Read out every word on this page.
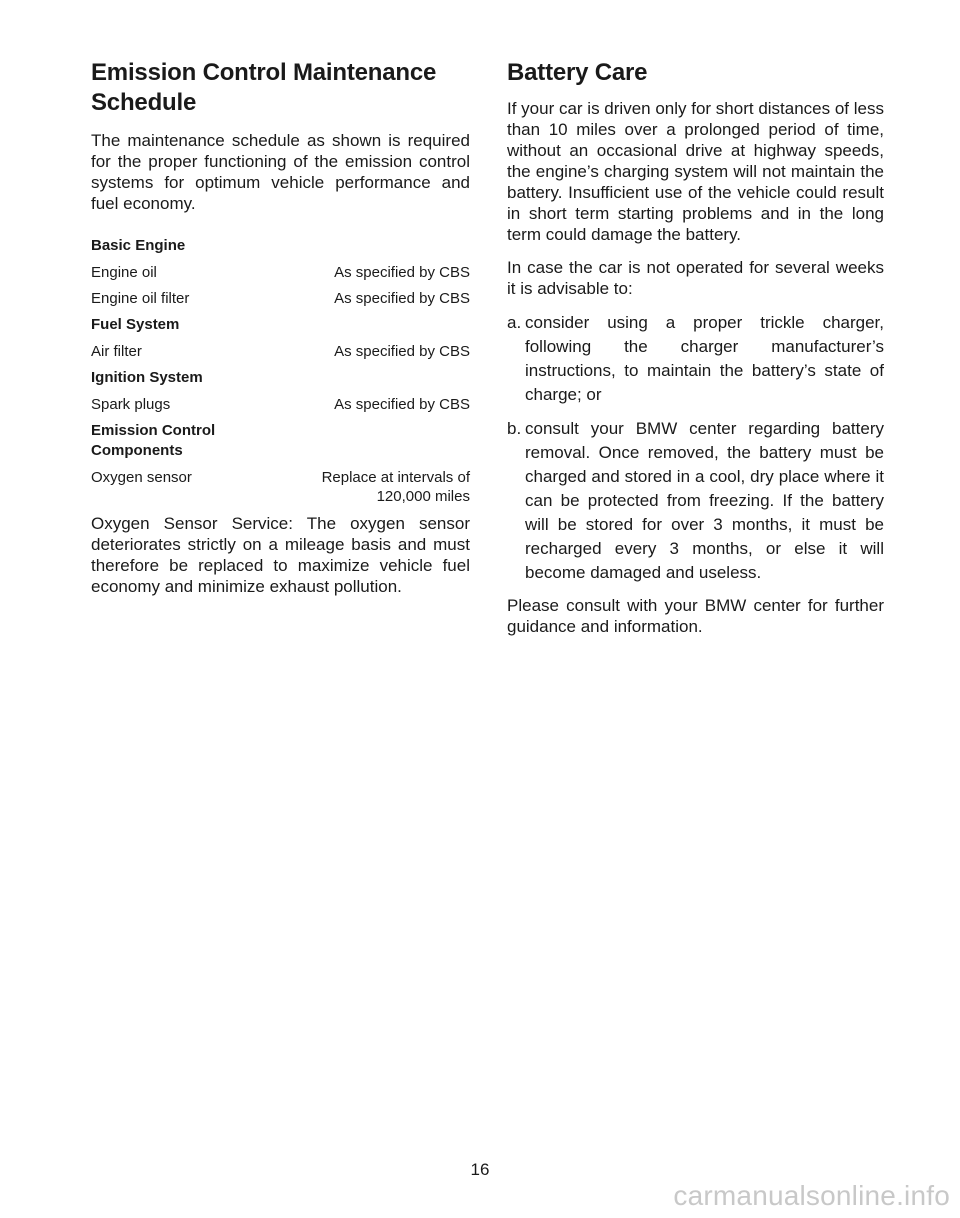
Emission Control Maintenance
Schedule

The maintenance schedule as shown is required for the proper functioning of the emission control systems for optimum vehicle performance and fuel economy.

Basic Engine
Engine oil	As specified by CBS
Engine oil filter	As specified by CBS
Fuel System
Air filter	As specified by CBS
Ignition System
Spark plugs	As specified by CBS
Emission Control
Components
Oxygen sensor	Replace at intervals of
120,000 miles

Oxygen Sensor Service: The oxygen sensor deteriorates strictly on a mileage basis and must therefore be replaced to maximize vehicle fuel economy and minimize exhaust pollution.

Battery Care

If your car is driven only for short distances of less than 10 miles over a prolonged period of time, without an occasional drive at highway speeds, the engine’s charging system will not maintain the battery. Insufficient use of the vehicle could result in short term starting problems and in the long term could damage the battery.

In case the car is not operated for several weeks it is advisable to:

a. consider using a proper trickle charger, following the charger manufacturer’s instructions, to maintain the battery’s state of charge; or
b. consult your BMW center regarding battery removal. Once removed, the battery must be charged and stored in a cool, dry place where it can be protected from freezing. If the battery will be stored for over 3 months, it must be recharged every 3 months, or else it will become damaged and useless.

Please consult with your BMW center for further guidance and information.

16
carmanualsonline.info
